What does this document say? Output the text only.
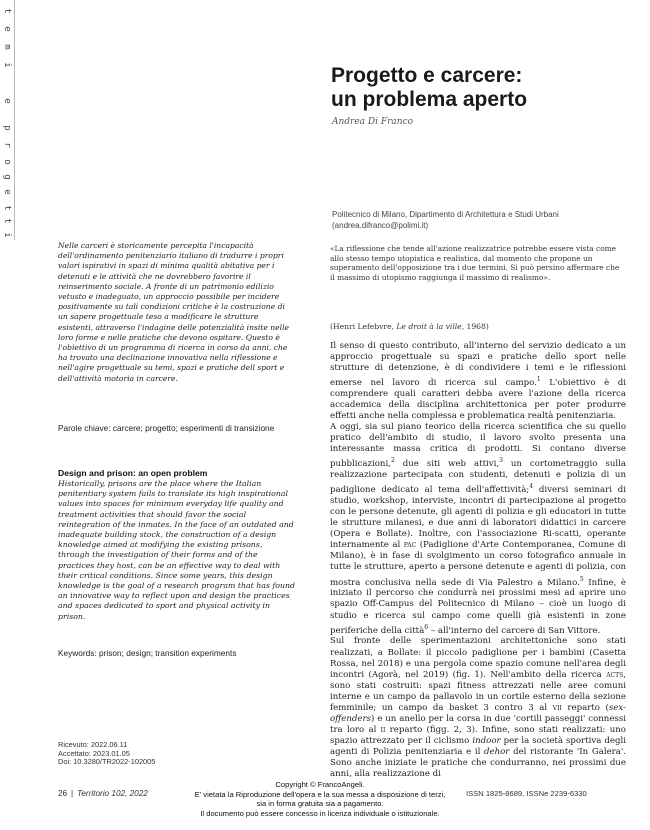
t
e
m
i
e
p
r
o
g
e
t
t
i
Progetto e carcere:
un problema aperto
Andrea Di Franco
Politecnico di Milano, Dipartimento di Architettura e Studi Urbani
(andrea.difranco@polimi.it)
Nelle carceri è storicamente percepita l'incapacità dell'ordinamento penitenziario italiano di tradurre i propri valori ispirativi in spazi di minima qualità abitativa per i detenuti e le attività che ne dovrebbero favorire il reinserimento sociale. A fronte di un patrimonio edilizio vetusto e inadeguato, un approccio possibile per incidere positivamente su tali condizioni critiche è la costruzione di un sapere progettuale teso a modificare le strutture esistenti, attraverso l'indagine delle potenzialità insite nelle loro forme e nelle pratiche che devono ospitare. Questo è l'obiettivo di un programma di ricerca in corso da anni, che ha trovato una declinazione innovativa nella riflessione e nell'agire progettuale su temi, spazi e pratiche dell sport e dell'attività motoria in carcere.
Parole chiave: carcere; progetto; esperimenti di transizione
Design and prison: an open problem
Historically, prisons are the place where the Italian penitentiary system fails to translate its high inspirational values into spaces for minimum everyday life quality and treatment activities that should favor the social reintegration of the inmates. In the face of an outdated and inadequate building stock, the construction of a design knowledge aimed at modifying the existing prisons, through the investigation of their forms and of the practices they host, can be an effective way to deal with their critical conditions. Since some years, this design knowledge is the goal of a research program that has found an innovative way to reflect upon and design the practices and spaces dedicated to sport and physical activity in prison.
Keywords: prison; design; transition experiments
Ricevuto: 2022.06.11
Accettato: 2023.01.05
Doi: 10.3280/TR2022-102005
«La riflessione che tende all'azione realizzatrice potrebbe essere vista come allo stesso tempo utopistica e realistica, dal momento che propone un superamento dell'opposizione tra i due termini. Si può persino affermare che il massimo di utopismo raggiunga il massimo di realismo».
(Henri Lefebvre, Le droit à la ville, 1968)

Il senso di questo contributo, all'interno del servizio dedicato a un approccio progettuale su spazi e pratiche dello sport nelle strutture di detenzione, è di condividere i temi e le riflessioni emerse nel lavoro di ricerca sul campo.$^1$ L'obiettivo è di comprendere quali caratteri debba avere l'azione della ricerca accademica della disciplina architettonica per poter produrre effetti anche nella complessa e problematica realtà penitenziaria.

A oggi, sia sul piano teorico della ricerca scientifica che su quello pratico dell'ambito di studio, il lavoro svolto presenta una interessante massa critica di prodotti. Si contano diverse pubblicazioni,$^2$ due siti web attivi,$^3$ un cortometraggio sulla realizzazione partecipata con studenti, detenuti e polizia di un padiglione dedicato al tema dell'affettività;$^4$ diversi seminari di studio, workshop, interviste, incontri di partecipazione al progetto con le persone detenute, gli agenti di polizia e gli educatori in tutte le strutture milanesi, e due anni di laboratori didattici in carcere (Opera e Bollate). Inoltre, con l'associazione Ri-scatti, operante internamente al pac (Padiglione d'Arte Contemporanea, Comune di Milano), è in fase di svolgimento un corso fotografico annuale in tutte le strutture, aperto a persone detenute e agenti di polizia, con mostra conclusiva nella sede di Via Palestro a Milano.$^5$ Infine, è iniziato il percorso che condurrà nei prossimi mesi ad aprire uno spazio Off-Campus del Politecnico di Milano – cioè un luogo di studio e ricerca sul campo come quelli già esistenti in zone periferiche della città$^6$ – all'interno del carcere di San Vittore.

Sul fronte delle sperimentazioni architettoniche sono stati realizzati, a Bollate: il piccolo padiglione per i bambini (Casetta Rossa, nel 2018) e una pergola come spazio comune nell'area degli incontri (Agorà, nel 2019) (fig. 1). Nell'ambito della ricerca acts, sono stati costruiti: spazi fitness attrezzati nelle aree comuni interne e un campo da pallavolo in un cortile esterno della sezione femminile; un campo da basket 3 contro 3 al vii reparto (sex-offenders) e un anello per la corsa in due 'cortili passeggi' connessi tra loro al ii reparto (figg. 2, 3). Infine, sono stati realizzati: uno spazio attrezzato per il ciclismo indoor per la società sportiva degli agenti di Polizia penitenziaria e il dehor del ristorante 'In Galera'. Sono anche iniziate le pratiche che condurranno, nei prossimi due anni, alla realizzazione di

26 | Territorio 102, 2022
Copyright © FrancoAngeli.
E' vietata la Riproduzione dell'opera e la sua messa a disposizione di terzi,
sia in forma gratuita sia a pagamento.
Il documento può essere concesso in licenza individuale o istituzionale.
ISSN 1825-8689, ISSNe 2239-6330
